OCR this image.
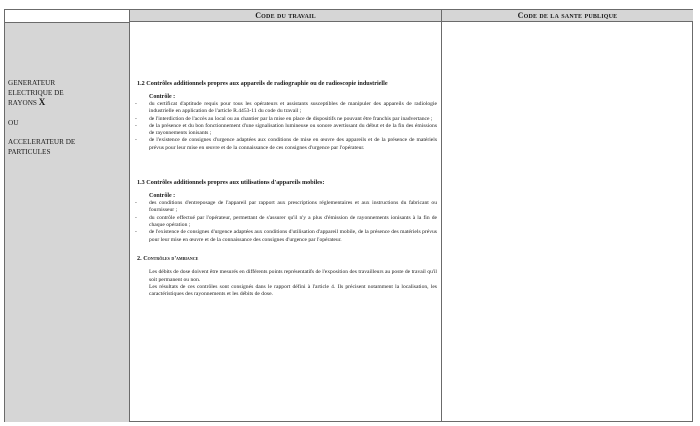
Code du travail	Code de la sante publique

GENERATEUR

ELECTRIQUE DE

RAYONS X

OU

ACCELERATEUR DE

PARTICULES

1.2 Contrôles additionnels propres aux appareils de radiographie ou de radioscopie industrielle

Contrôle :

- du certificat d'aptitude requis pour tous les opérateurs et assistants susceptibles de manipuler des appareils de radiologie industrielle en application de l'article R.4453-11 du code du travail ;
- de l'interdiction de l'accès au local ou au chantier par la mise en place de dispositifs ne pouvant être franchis par inadvertance ;
- de la présence et du bon fonctionnement d'une signalisation lumineuse ou sonore avertissant du début et de la fin des émissions de rayonnements ionisants ;
- de l'existence de consignes d'urgence adaptées aux conditions de mise en œuvre des appareils et de la présence de matériels prévus pour leur mise en œuvre et de la connaissance de ces consignes d'urgence par l'opérateur.

1.3 Contrôles additionnels propres aux utilisations d'appareils mobiles:

Contrôle :

- des conditions d'entreposage de l'appareil par rapport aux prescriptions réglementaires et aux instructions du fabricant ou fournisseur ;
- du contrôle effectué par l'opérateur, permettant de s'assurer qu'il n'y a plus d'émission de rayonnements ionisants à la fin de chaque opération ;
- de l'existence de consignes d'urgence adaptées aux conditions d'utilisation d'appareil mobile, de la présence des matériels prévus pour leur mise en œuvre et de la connaissance des consignes d'urgence par l'opérateur.

2. Contrôles d'ambiance

Les débits de dose doivent être mesurés en différents points représentatifs de l'exposition des travailleurs au poste de travail qu'il soit permanent ou non.

Les résultats de ces contrôles sont consignés dans le rapport défini à l'article 4. Ils précisent notamment la localisation, les caractéristiques des rayonnements et les débits de dose.
